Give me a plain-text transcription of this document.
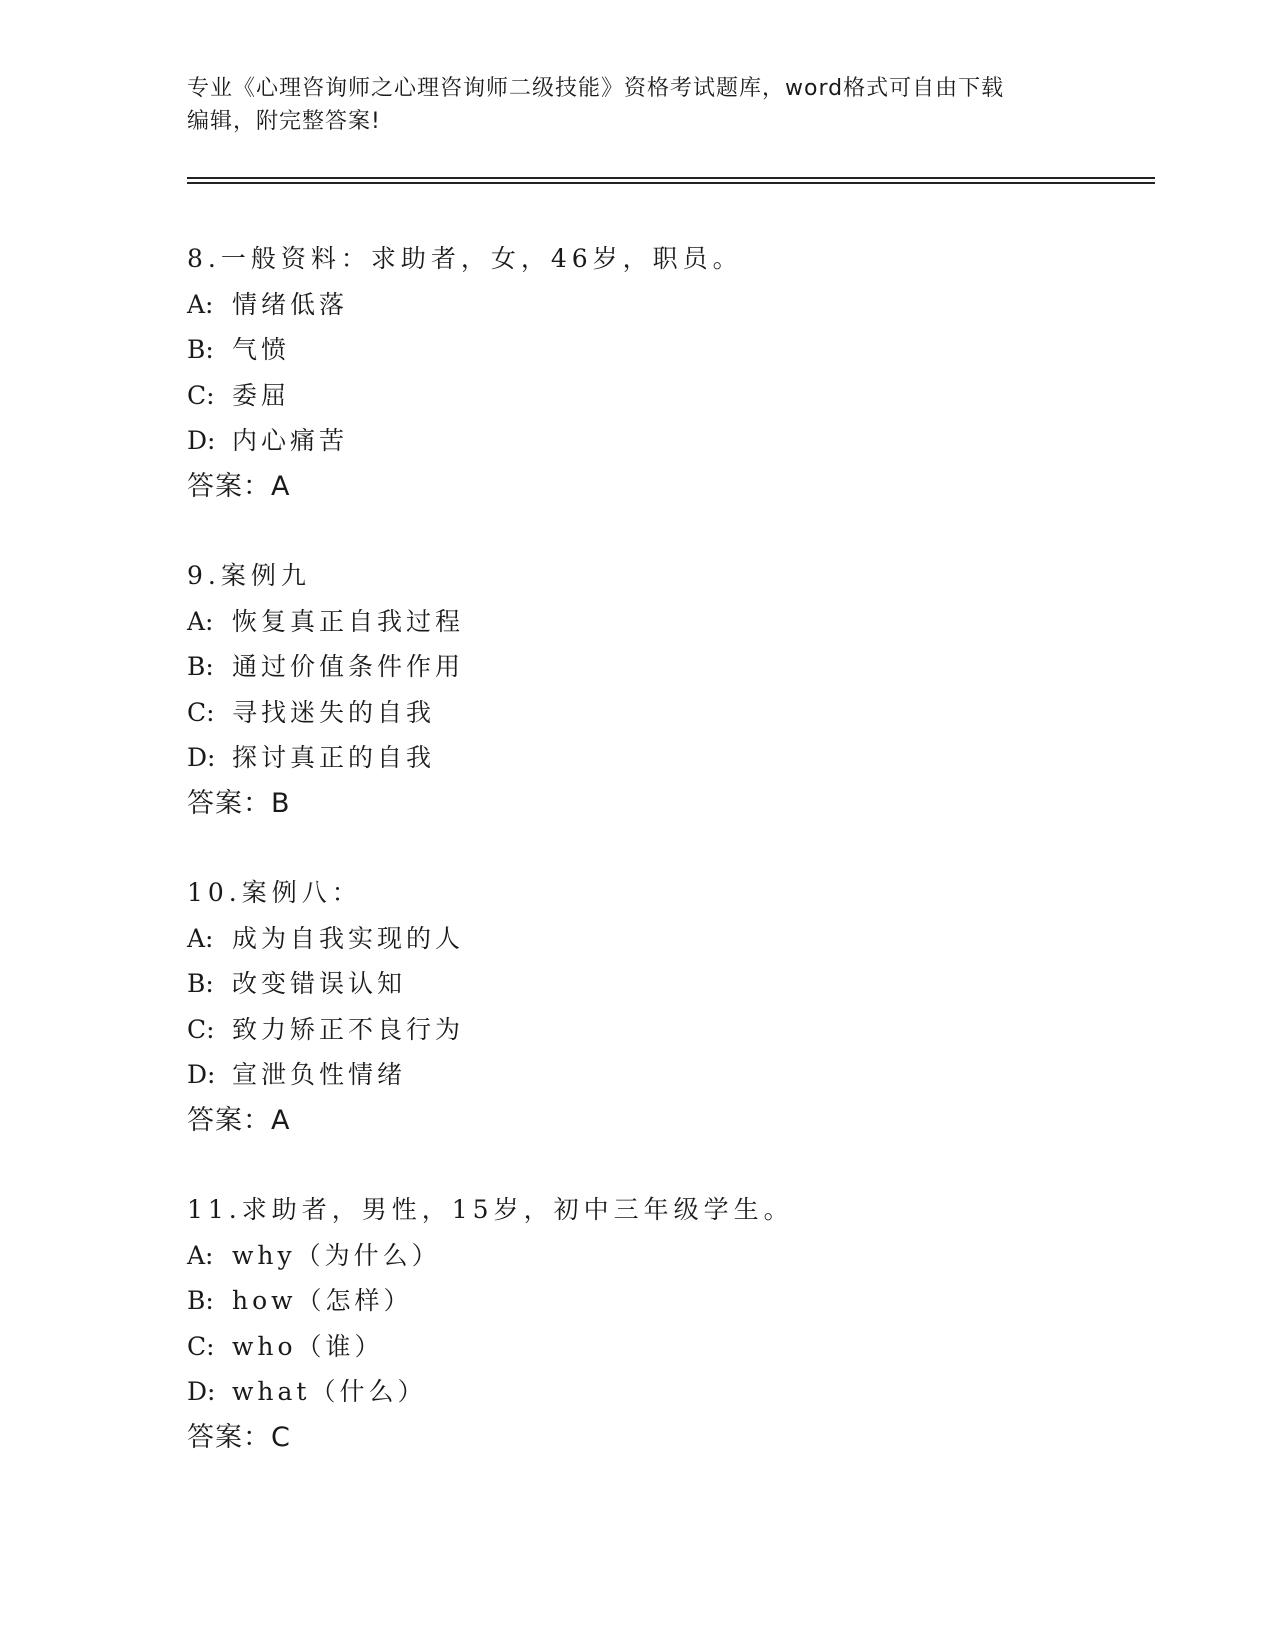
专业《心理咨询师之心理咨询师二级技能》资格考试题库，word格式可自由下载
编辑，附完整答案!
8.一般资料：求助者，女，46岁，职员。
A: 情绪低落
B: 气愤
C: 委屈
D: 内心痛苦
答案：A
9.案例九
A: 恢复真正自我过程
B: 通过价值条件作用
C: 寻找迷失的自我
D: 探讨真正的自我
答案：B
10.案例八：
A: 成为自我实现的人
B: 改变错误认知
C: 致力矫正不良行为
D: 宣泄负性情绪
答案：A
11.求助者，男性，15岁，初中三年级学生。
A: why（为什么）
B: how（怎样）
C: who（谁）
D: what（什么）
答案：C
